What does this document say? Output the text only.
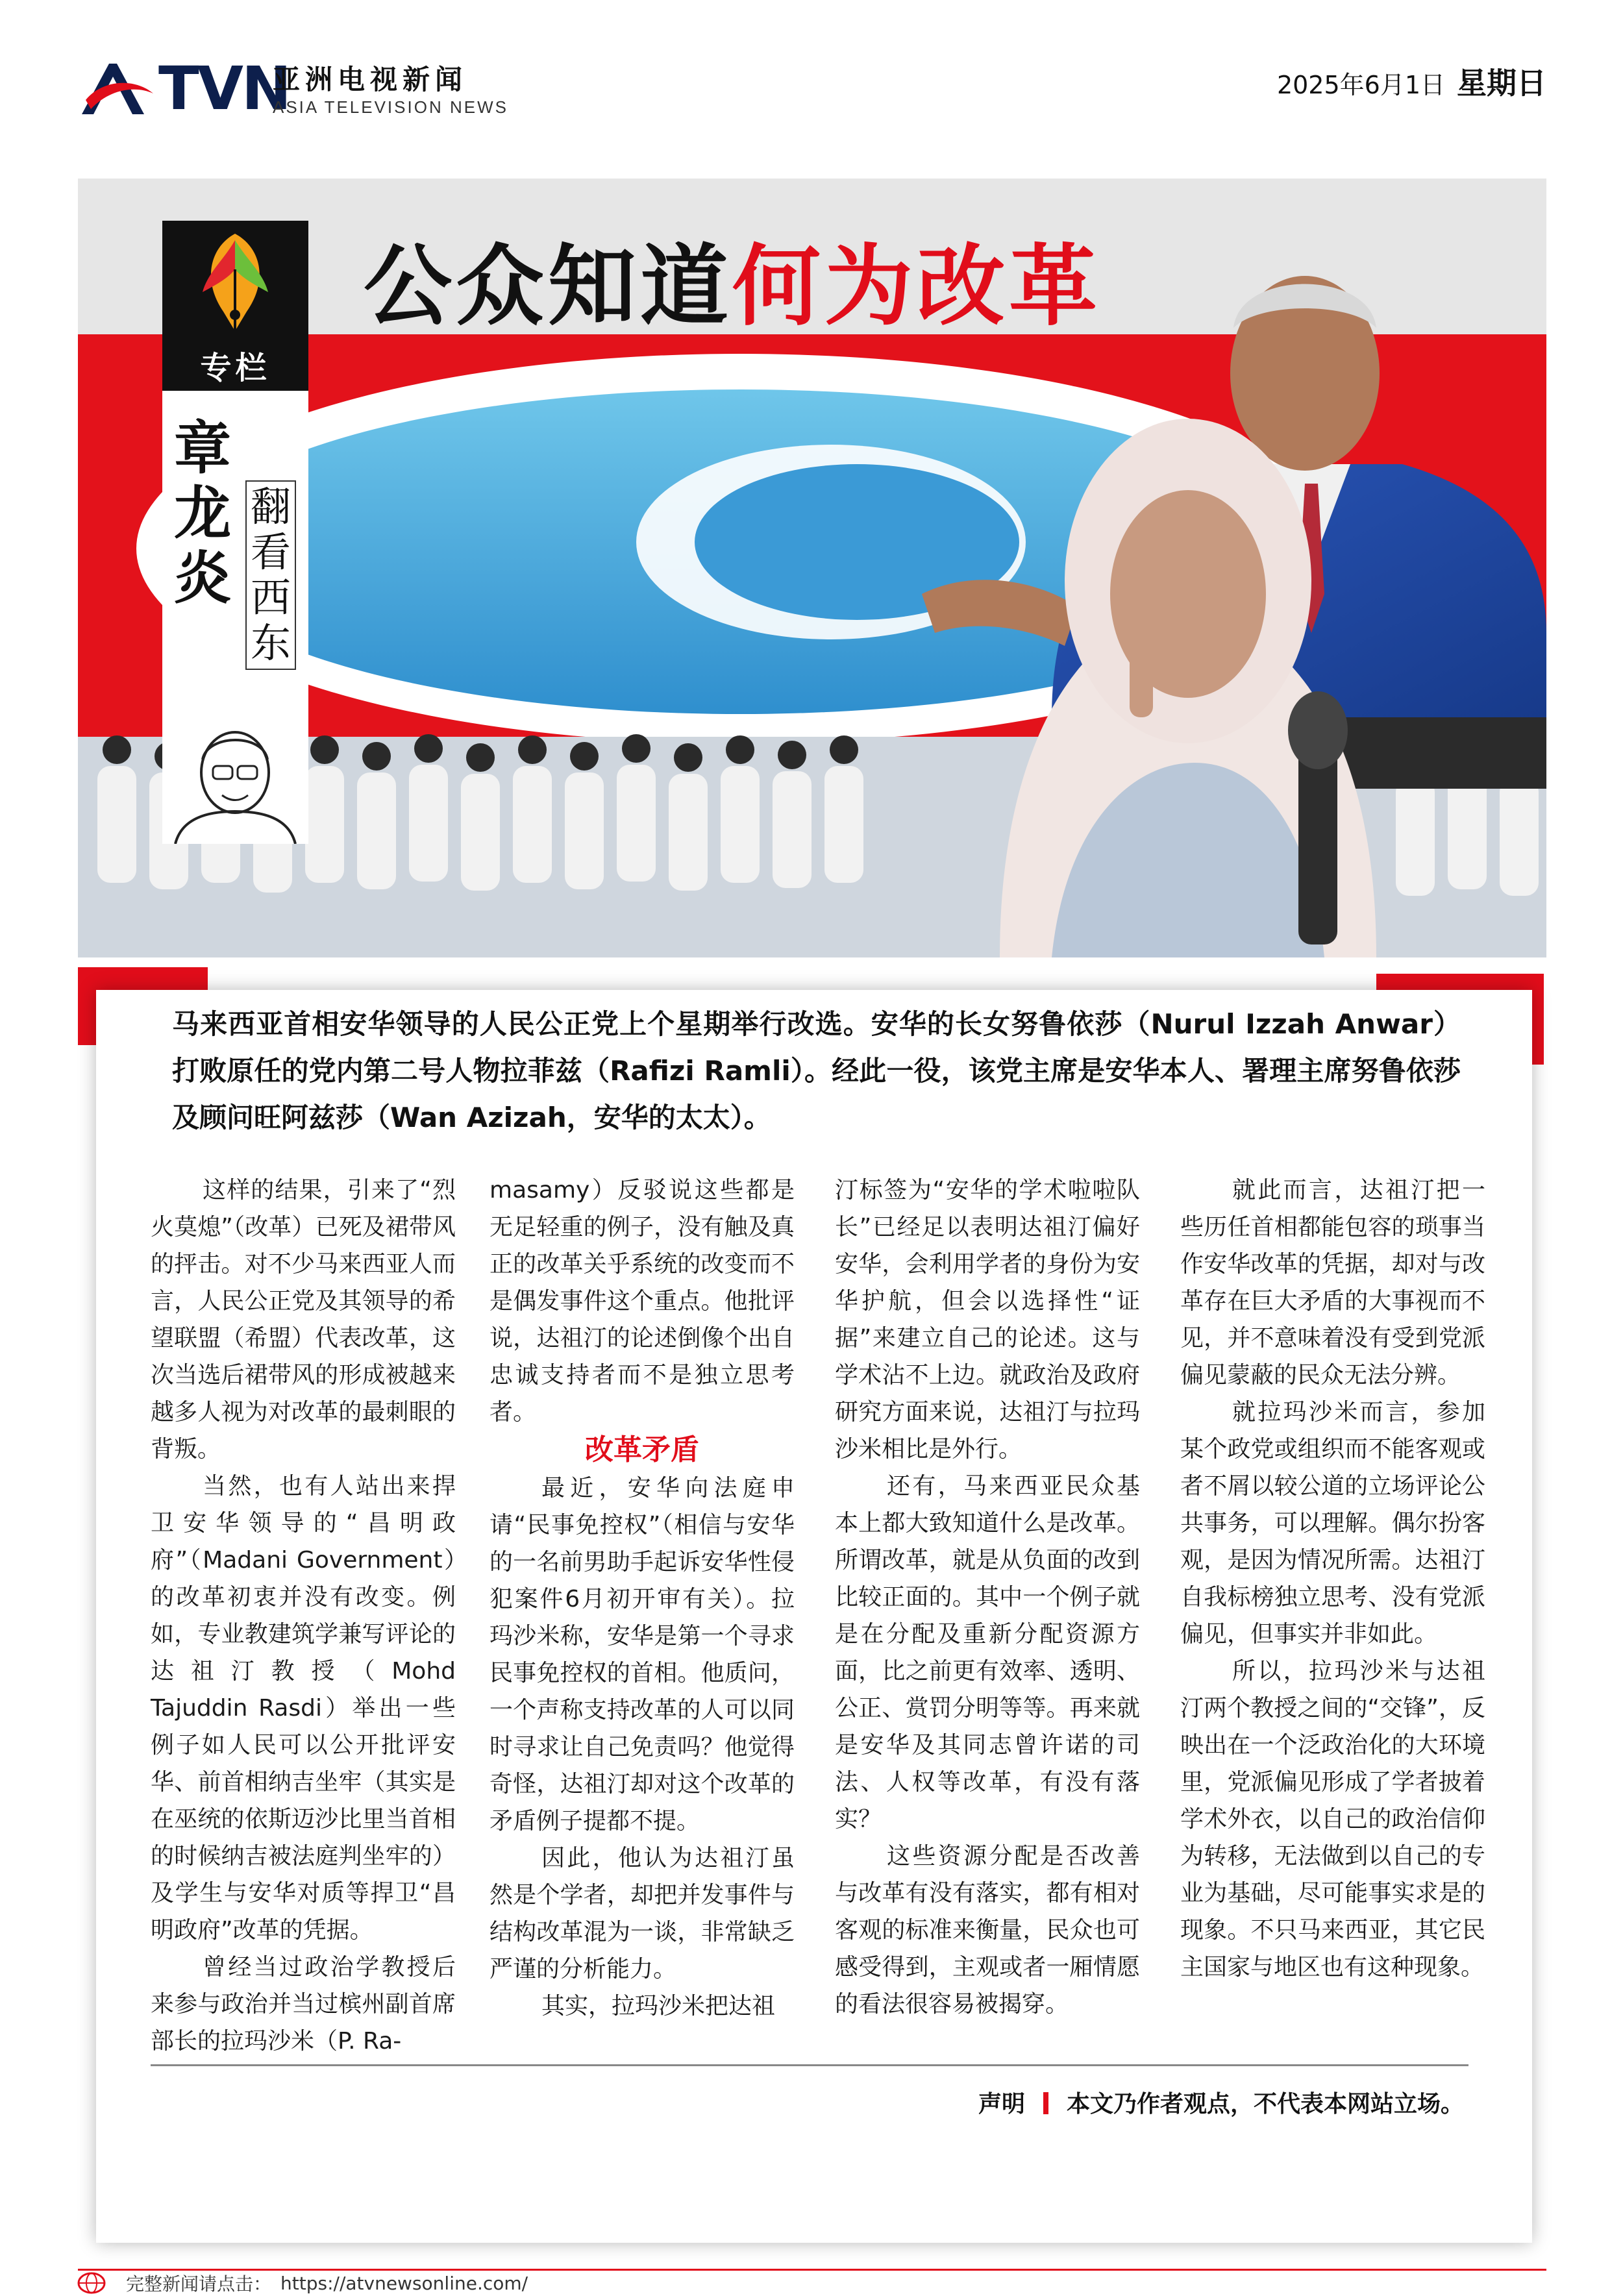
TVN
亚洲电视新闻
ASIA TELEVISION NEWS
2025年6月1日 星期日
专栏
章龙炎
翻看西东
公众知道何为改革
马来西亚首相安华领导的人民公正党上个星期举行改选。安华的长女努鲁依莎（Nurul Izzah Anwar）打败原任的党内第二号人物拉菲兹（Rafizi Ramli）。经此一役，该党主席是安华本人、署理主席努鲁依莎及顾问旺阿兹莎（Wan Azizah，安华的太太）。

这样的结果，引来了“烈火莫熄”（改革）已死及裙带风的抨击。对不少马来西亚人而言，人民公正党及其领导的希望联盟（希盟）代表改革，这次当选后裙带风的形成被越来越多人视为对改革的最刺眼的背叛。

当然，也有人站出来捍卫安华领导的“昌明政府”（Madani Government）的改革初衷并没有改变。例如，专业教建筑学兼写评论的达祖汀教授（Mohd Tajuddin Rasdi）举出一些例子如人民可以公开批评安华、前首相纳吉坐牢（其实是在巫统的依斯迈沙比里当首相的时候纳吉被法庭判坐牢的）及学生与安华对质等捍卫“昌明政府”改革的凭据。

曾经当过政治学教授后来参与政治并当过槟州副首席部长的拉玛沙米（P. Ra-

masamy）反驳说这些都是无足轻重的例子，没有触及真正的改革关乎系统的改变而不是偶发事件这个重点。他批评说，达祖汀的论述倒像个出自忠诚支持者而不是独立思考者。

改革矛盾

最近，安华向法庭申请“民事免控权”（相信与安华的一名前男助手起诉安华性侵犯案件6月初开审有关）。拉玛沙米称，安华是第一个寻求民事免控权的首相。他质问，一个声称支持改革的人可以同时寻求让自己免责吗？他觉得奇怪，达祖汀却对这个改革的矛盾例子提都不提。

因此，他认为达祖汀虽然是个学者，却把并发事件与结构改革混为一谈，非常缺乏严谨的分析能力。

其实，拉玛沙米把达祖

汀标签为“安华的学术啦啦队长”已经足以表明达祖汀偏好安华，会利用学者的身份为安华护航，但会以选择性“证据”来建立自己的论述。这与学术沾不上边。就政治及政府研究方面来说，达祖汀与拉玛沙米相比是外行。

还有，马来西亚民众基本上都大致知道什么是改革。所谓改革，就是从负面的改到比较正面的。其中一个例子就是在分配及重新分配资源方面，比之前更有效率、透明、公正、赏罚分明等等。再来就是安华及其同志曾许诺的司法、人权等改革，有没有落实？

这些资源分配是否改善与改革有没有落实，都有相对客观的标准来衡量，民众也可感受得到，主观或者一厢情愿的看法很容易被揭穿。

就此而言，达祖汀把一些历任首相都能包容的琐事当作安华改革的凭据，却对与改革存在巨大矛盾的大事视而不见，并不意味着没有受到党派偏见蒙蔽的民众无法分辨。

就拉玛沙米而言，参加某个政党或组织而不能客观或者不屑以较公道的立场评论公共事务，可以理解。偶尔扮客观，是因为情况所需。达祖汀自我标榜独立思考、没有党派偏见，但事实并非如此。

所以，拉玛沙米与达祖汀两个教授之间的“交锋”，反映出在一个泛政治化的大环境里，党派偏见形成了学者披着学术外衣，以自己的政治信仰为转移，无法做到以自己的专业为基础，尽可能事实求是的现象。不只马来西亚，其它民主国家与地区也有这种现象。

声明 本文乃作者观点，不代表本网站立场。
完整新闻请点击： https://atvnewsonline.com/
